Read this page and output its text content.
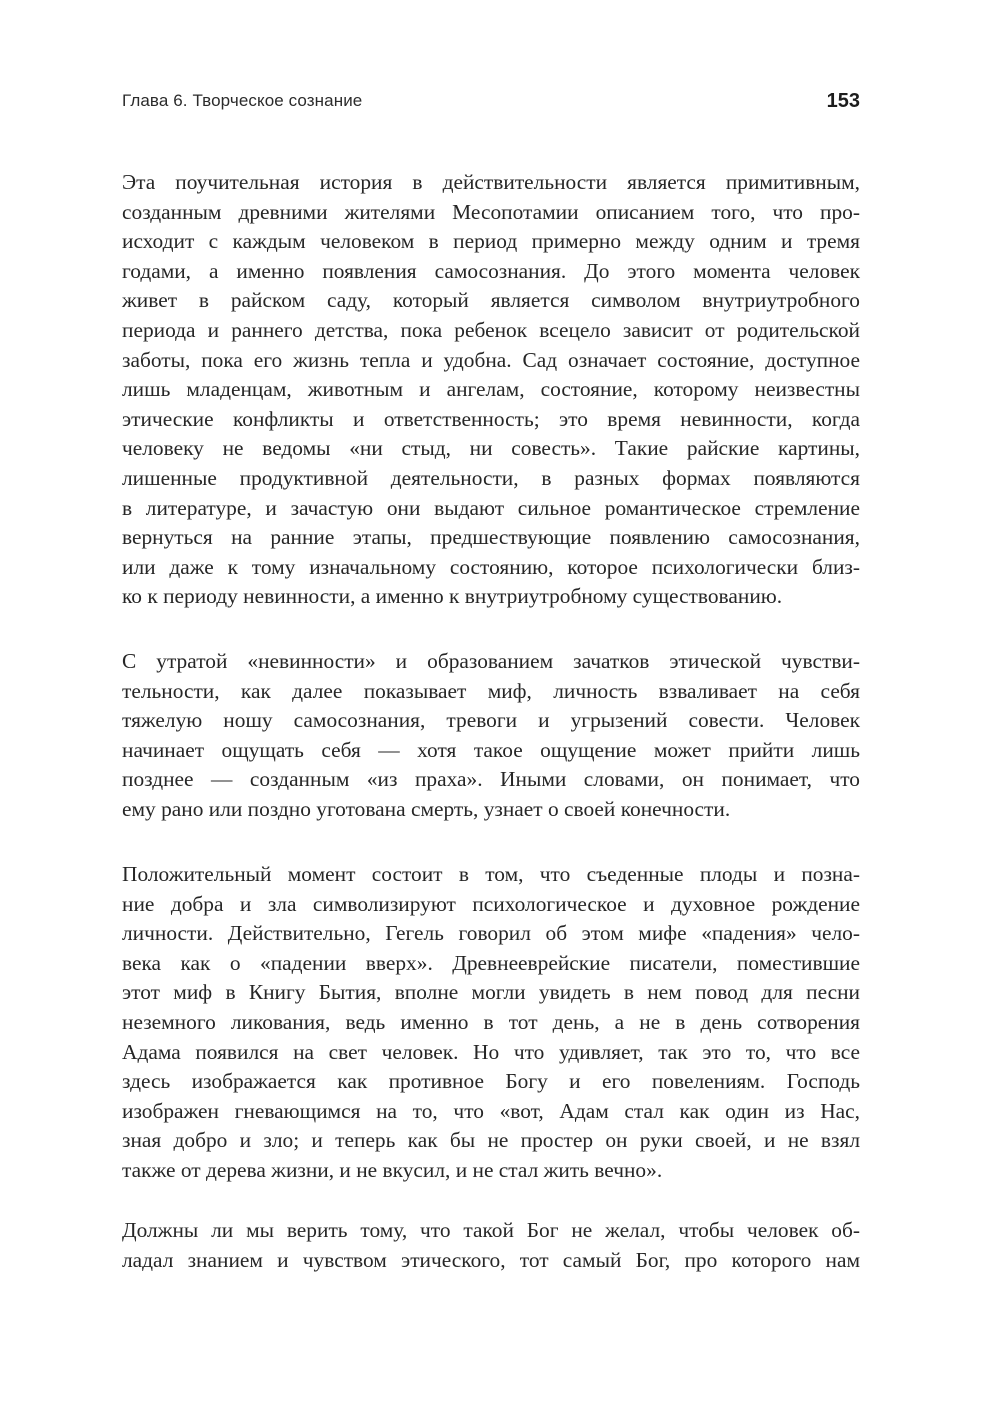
Глава 6. Творческое сознание	153
Эта поучительная история в действительности является примитивным,
созданным древними жителями Месопотамии описанием того, что про-
исходит с каждым человеком в период примерно между одним и тремя
годами, а именно появления самосознания. До этого момента человек
живет в райском саду, который является символом внутриутробного
периода и раннего детства, пока ребенок всецело зависит от родительской
заботы, пока его жизнь тепла и удобна. Сад означает состояние, доступное
лишь младенцам, животным и ангелам, состояние, которому неизвестны
этические конфликты и ответственность; это время невинности, когда
человеку не ведомы «ни стыд, ни совесть». Такие райские картины,
лишенные продуктивной деятельности, в разных формах появляются
в литературе, и зачастую они выдают сильное романтическое стремление
вернуться на ранние этапы, предшествующие появлению самосознания,
или даже к тому изначальному состоянию, которое психологически близ-
ко к периоду невинности, а именно к внутриутробному существованию.
С утратой «невинности» и образованием зачатков этической чувстви-
тельности, как далее показывает миф, личность взваливает на себя
тяжелую ношу самосознания, тревоги и угрызений совести. Человек
начинает ощущать себя — хотя такое ощущение может прийти лишь
позднее — созданным «из праха». Иными словами, он понимает, что
ему рано или поздно уготована смерть, узнает о своей конечности.
Положительный момент состоит в том, что съеденные плоды и позна-
ние добра и зла символизируют психологическое и духовное рождение
личности. Действительно, Гегель говорил об этом мифе «падения» чело-
века как о «падении вверх». Древнееврейские писатели, поместившие
этот миф в Книгу Бытия, вполне могли увидеть в нем повод для песни
неземного ликования, ведь именно в тот день, а не в день сотворения
Адама появился на свет человек. Но что удивляет, так это то, что все
здесь изображается как противное Богу и его повелениям. Господь
изображен гневающимся на то, что «вот, Адам стал как один из Нас,
зная добро и зло; и теперь как бы не простер он руки своей, и не взял
также от дерева жизни, и не вкусил, и не стал жить вечно».
Должны ли мы верить тому, что такой Бог не желал, чтобы человек об-
ладал знанием и чувством этического, тот самый Бог, про которого нам
